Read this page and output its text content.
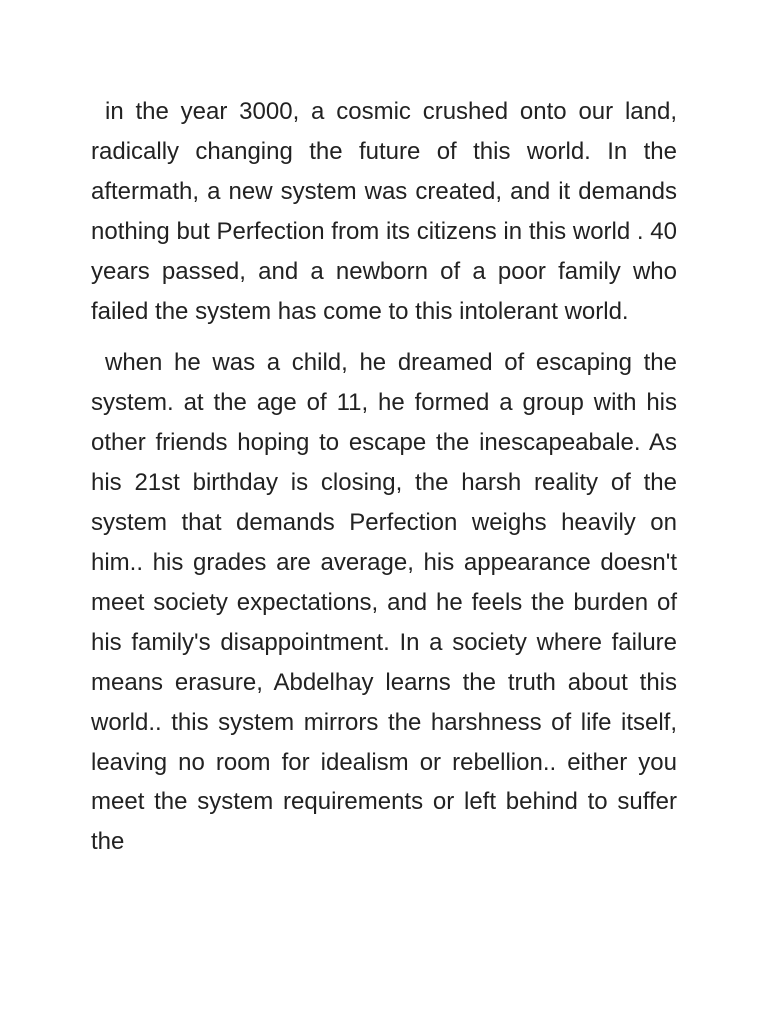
in the year 3000, a cosmic crushed onto our land, radically changing the future of this world. In the aftermath, a new system was created, and it demands nothing but Perfection from its citizens in this world . 40 years passed, and a newborn of a poor family who failed the system has come to this intolerant world.

when he was a child, he dreamed of escaping the system. at the age of 11, he formed a group with his other friends hoping to escape the inescapeabale. As his 21st birthday is closing, the harsh reality of the system that demands Perfection weighs heavily on him.. his grades are average, his appearance doesn't meet society expectations, and he feels the burden of his family's disappointment. In a society where failure means erasure, Abdelhay learns the truth about this world.. this system mirrors the harshness of life itself, leaving no room for idealism or rebellion.. either you meet the system requirements or left behind to suffer the
